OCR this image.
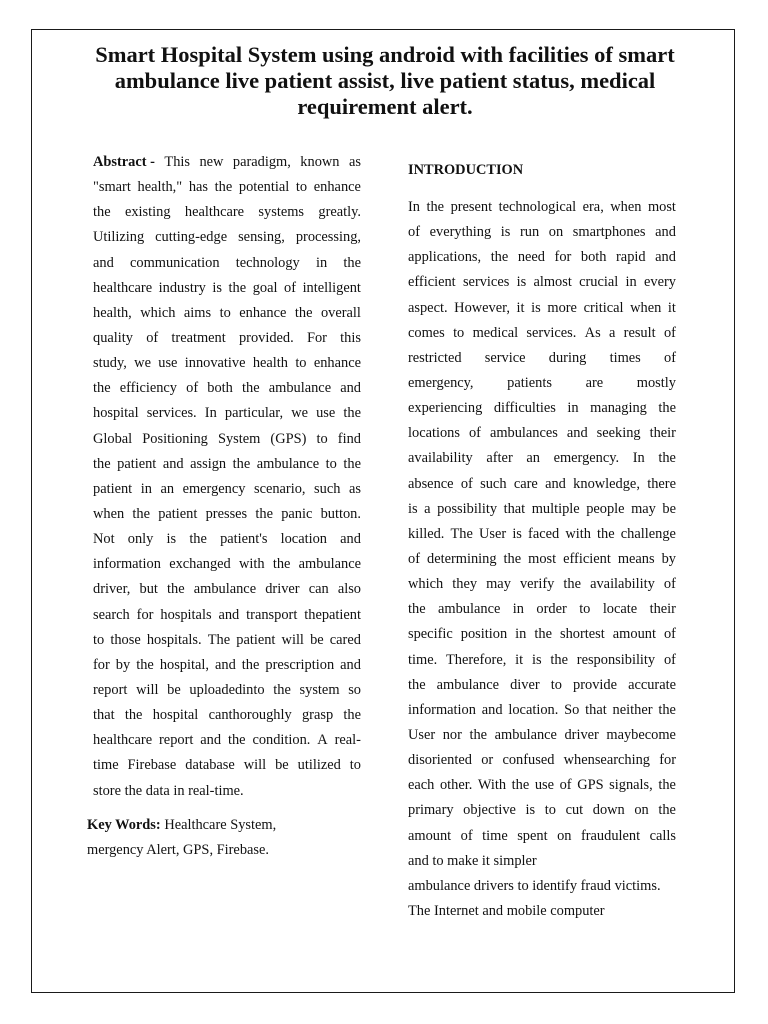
Smart Hospital System using android with facilities of smart ambulance live patient assist, live patient status, medical requirement alert.
Abstract - This new paradigm, known as
"smart health," has the potential to enhance
the existing healthcare systems greatly.
Utilizing cutting-edge sensing, processing,
and communication technology in the
healthcare industry is the goal of intelligent
health, which aims to enhance the overall
quality of treatment provided. For this
study, we use innovative health to enhance
the efficiency of both the ambulance and
hospital services. In particular, we use the
Global Positioning System (GPS) to find
the patient and assign the ambulance to the
patient in an emergency scenario, such as
when the patient presses the panic button.
Not only is the patient's location and
information exchanged with the ambulance
driver, but the ambulance driver can also
search for hospitals and transport thepatient
to those hospitals. The patient will be cared
for by the hospital, and the prescription and
report will be uploadedinto the system so
that the hospital canthoroughly grasp the
healthcare report and the condition. A real-
time Firebase database will be utilized to
store the data in real-time.
Key Words: Healthcare System,
mergency Alert, GPS, Firebase.
INTRODUCTION
In the present technological era, when most
of everything is run on smartphones and
applications, the need for both rapid and
efficient services is almost crucial in every
aspect. However, it is more critical when it
comes to medical services. As a result of
restricted service during times of
emergency, patients are mostly
experiencing difficulties in managing the
locations of ambulances and seeking their
availability after an emergency. In the
absence of such care and knowledge, there
is a possibility that multiple people may be
killed. The User is faced with the challenge
of determining the most efficient means by
which they may verify the availability of
the ambulance in order to locate their
specific position in the shortest amount of
time. Therefore, it is the responsibility of
the ambulance diver to provide accurate
information and location. So that neither the
User nor the ambulance driver maybecome
disoriented or confused whensearching for
each other. With the use of GPS signals, the
primary objective is to cut down on the
amount of time spent on fraudulent calls
and to make it simpler
ambulance drivers to identify fraud victims.
The Internet and mobile computer
